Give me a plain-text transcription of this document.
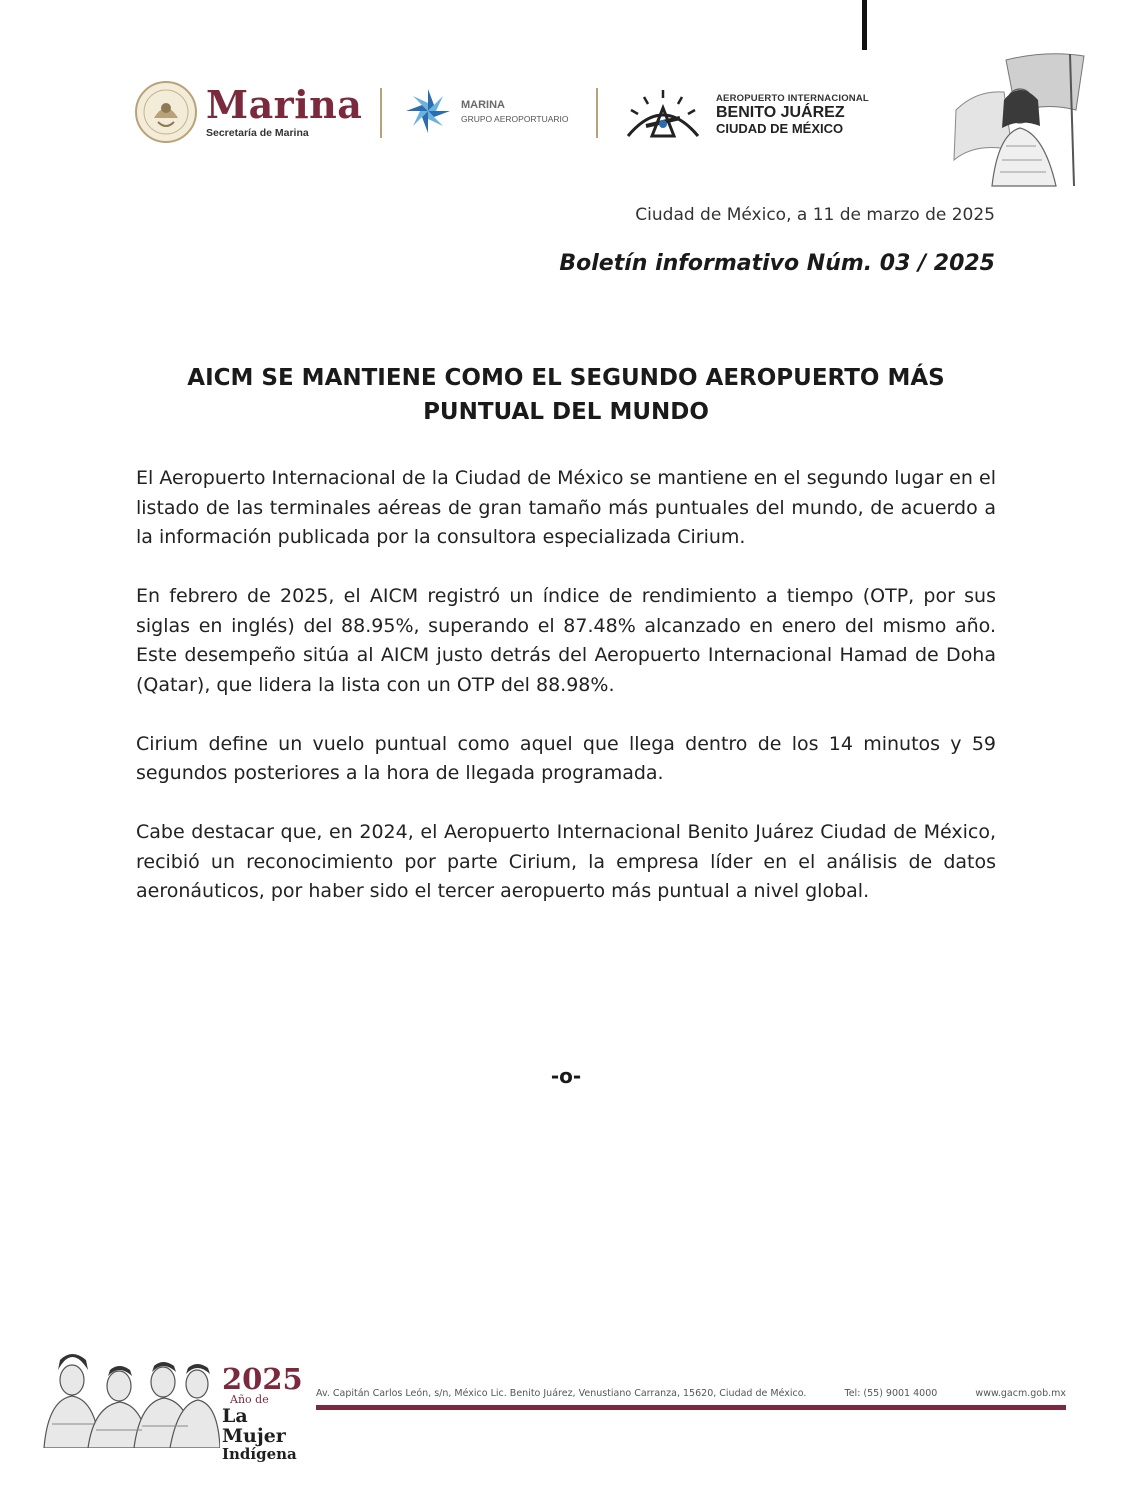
Marina
Secretaría de Marina
MARINA
GRUPO AEROPORTUARIO
AEROPUERTO INTERNACIONAL
BENITO JUÁREZ
CIUDAD DE MÉXICO
Ciudad de México, a 11 de marzo de 2025
Boletín informativo Núm. 03 / 2025
AICM SE MANTIENE COMO EL SEGUNDO AEROPUERTO MÁS
PUNTUAL DEL MUNDO

El Aeropuerto Internacional de la Ciudad de México se mantiene en el segundo lugar en el listado de las terminales aéreas de gran tamaño más puntuales del mundo, de acuerdo a la información publicada por la consultora especializada Cirium.

En febrero de 2025, el AICM registró un índice de rendimiento a tiempo (OTP, por sus siglas en inglés) del 88.95%, superando el 87.48% alcanzado en enero del mismo año. Este desempeño sitúa al AICM justo detrás del Aeropuerto Internacional Hamad de Doha (Qatar), que lidera la lista con un OTP del 88.98%.

Cirium define un vuelo puntual como aquel que llega dentro de los 14 minutos y 59 segundos posteriores a la hora de llegada programada.

Cabe destacar que, en 2024, el Aeropuerto Internacional Benito Juárez Ciudad de México, recibió un reconocimiento por parte Cirium, la empresa líder en el análisis de datos aeronáuticos, por haber sido el tercer aeropuerto más puntual a nivel global.

-o-
2025
Año de
La Mujer
Indígena
Av. Capitán Carlos León, s/n, México Lic. Benito Juárez, Venustiano Carranza, 15620, Ciudad de México.	Tel: (55) 9001 4000	www.gacm.gob.mx
